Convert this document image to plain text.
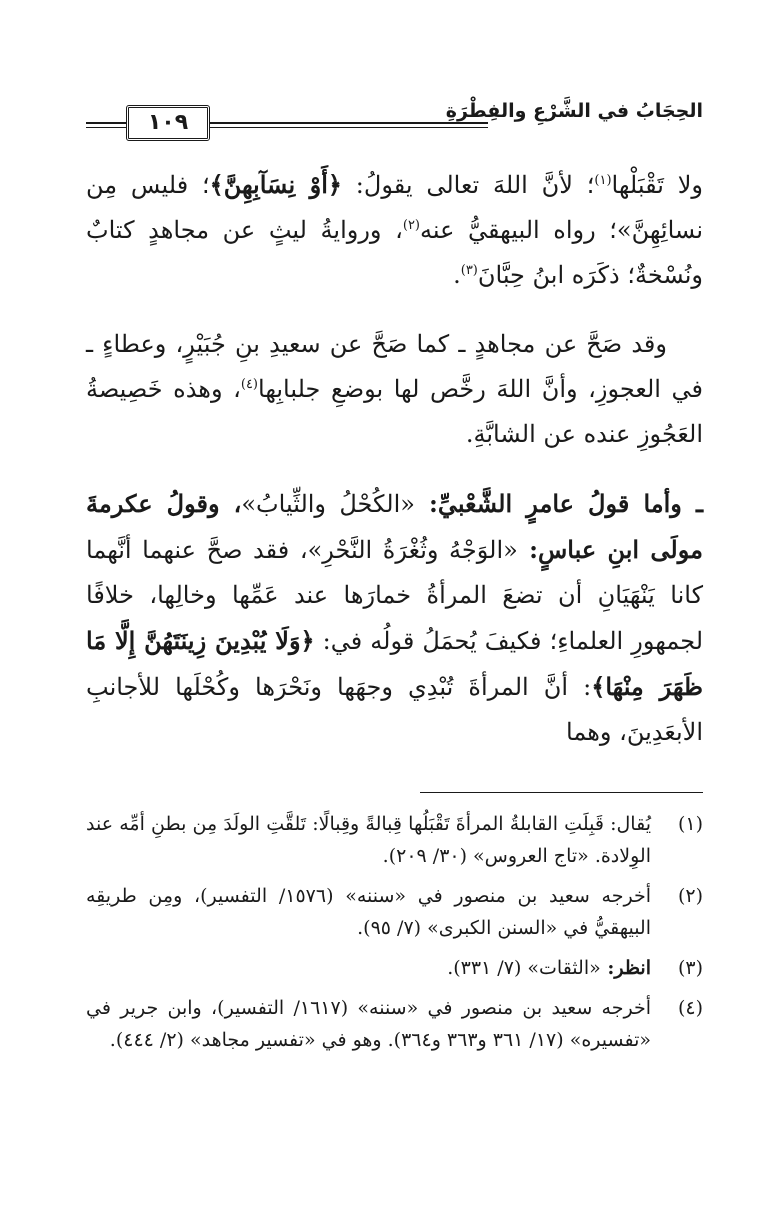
الحِجَابُ في الشَّرْعِ والفِطْرَةِ
١٠٩

ولا تَقْبَلْها$^{(١)}$؛ لأنَّ اللهَ تعالى يقولُ: ﴿أَوْ نِسَآبِهِنَّ﴾؛ فليس مِن نسائِهِنَّ»؛ رواه البيهقيُّ عنه$^{(٢)}$، وروايةُ ليثٍ عن مجاهدٍ كتابٌ ونُسْخةٌ؛ ذكَرَه ابنُ حِبَّانَ$^{(٣)}$.

وقد صَحَّ عن مجاهدٍ ـ كما صَحَّ عن سعيدِ بنِ جُبَيْرٍ، وعطاءٍ ـ في العجوزِ، وأنَّ اللهَ رخَّص لها بوضعِ جلبابِها$^{(٤)}$، وهذه خَصِيصةُ العَجُوزِ عنده عن الشابَّةِ.

ـ وأما قولُ عامرٍ الشَّعْبيِّ: «الكُحْلُ والثِّيابُ»، وقولُ عكرمةَ مولَى ابنِ عباسٍ: «الوَجْهُ وثُغْرَةُ النَّحْرِ»، فقد صحَّ عنهما أنَّهما كانا يَنْهَيَانِ أن تضعَ المرأةُ خمارَها عند عَمِّها وخالِها، خلافًا لجمهورِ العلماءِ؛ فكيفَ يُحمَلُ قولُه في: ﴿وَلَا يُبْدِينَ زِينَتَهُنَّ إِلَّا مَا ظَهَرَ مِنْهَا﴾: أنَّ المرأةَ تُبْدِي وجهَها ونَحْرَها وكُحْلَها للأجانبِ الأبعَدِينَ، وهما

(١)
يُقال: قَبِلَتِ القابلةُ المرأةَ تَقْبَلُها قِبالةً وقِبالًا: تَلقَّتِ الولَدَ مِن بطنِ أمِّه عند الوِلادة. «تاج العروس» (٣٠/ ٢٠٩).
(٢)
أخرجه سعيد بن منصور في «سننه» (١٥٧٦/ التفسير)، ومِن طريقِه البيهقيُّ في «السنن الكبرى» (٧/ ٩٥).
(٣)
انظر: «الثقات» (٧/ ٣٣١).
(٤)
أخرجه سعيد بن منصور في «سننه» (١٦١٧/ التفسير)، وابن جرير في «تفسيره» (١٧/ ٣٦١ و٣٦٣ و٣٦٤). وهو في «تفسير مجاهد» (٢/ ٤٤٤).
